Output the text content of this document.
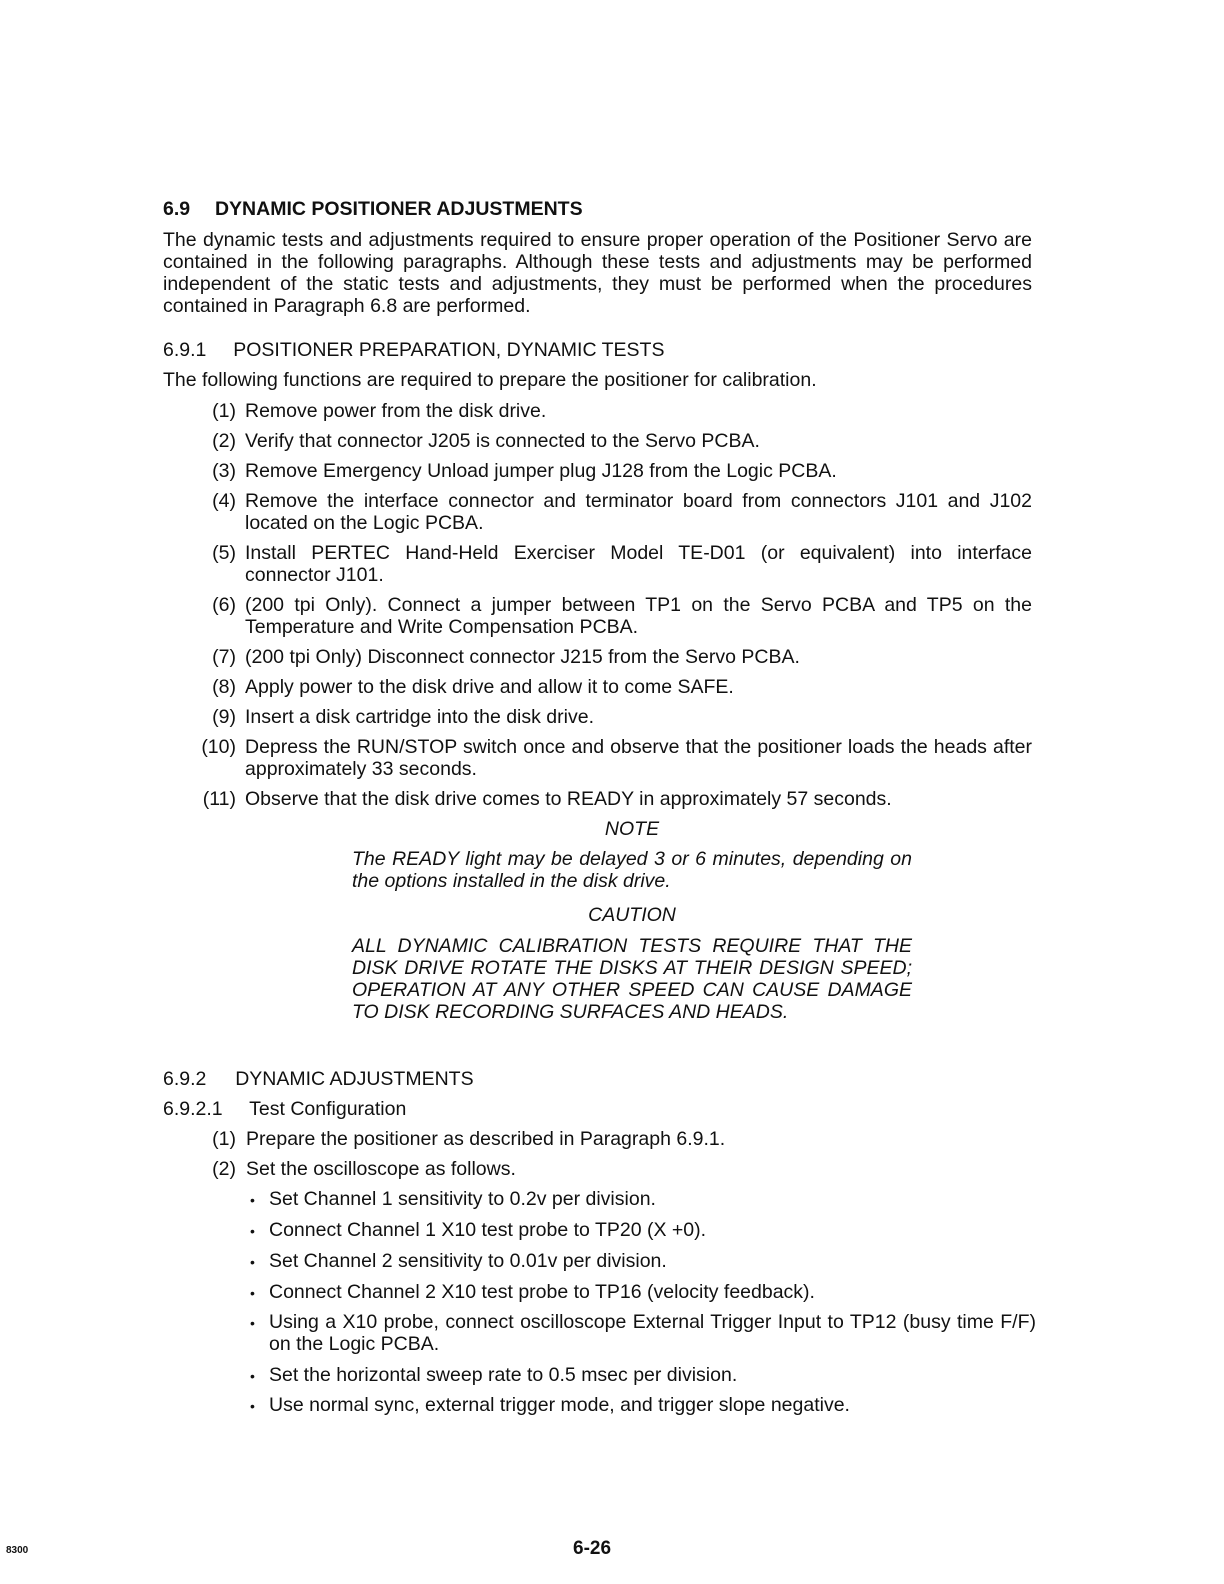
6.9 DYNAMIC POSITIONER ADJUSTMENTS
The dynamic tests and adjustments required to ensure proper operation of the Positioner Servo are contained in the following paragraphs. Although these tests and adjustments may be performed independent of the static tests and adjustments, they must be performed when the procedures contained in Paragraph 6.8 are performed.
6.9.1 POSITIONER PREPARATION, DYNAMIC TESTS
The following functions are required to prepare the positioner for calibration.
(1) Remove power from the disk drive.
(2) Verify that connector J205 is connected to the Servo PCBA.
(3) Remove Emergency Unload jumper plug J128 from the Logic PCBA.
(4) Remove the interface connector and terminator board from connectors J101 and J102 located on the Logic PCBA.
(5) Install PERTEC Hand-Held Exerciser Model TE-D01 (or equivalent) into interface connector J101.
(6) (200 tpi Only). Connect a jumper between TP1 on the Servo PCBA and TP5 on the Temperature and Write Compensation PCBA.
(7) (200 tpi Only) Disconnect connector J215 from the Servo PCBA.
(8) Apply power to the disk drive and allow it to come SAFE.
(9) Insert a disk cartridge into the disk drive.
(10) Depress the RUN/STOP switch once and observe that the positioner loads the heads after approximately 33 seconds.
(11) Observe that the disk drive comes to READY in approximately 57 seconds.
NOTE
The READY light may be delayed 3 or 6 minutes, depending on the options installed in the disk drive.
CAUTION
ALL DYNAMIC CALIBRATION TESTS REQUIRE THAT THE DISK DRIVE ROTATE THE DISKS AT THEIR DESIGN SPEED; OPERATION AT ANY OTHER SPEED CAN CAUSE DAMAGE TO DISK RECORDING SURFACES AND HEADS.
6.9.2 DYNAMIC ADJUSTMENTS
6.9.2.1 Test Configuration
(1) Prepare the positioner as described in Paragraph 6.9.1.
(2) Set the oscilloscope as follows.
• Set Channel 1 sensitivity to 0.2v per division.
• Connect Channel 1 X10 test probe to TP20 (X +0).
• Set Channel 2 sensitivity to 0.01v per division.
• Connect Channel 2 X10 test probe to TP16 (velocity feedback).
• Using a X10 probe, connect oscilloscope External Trigger Input to TP12 (busy time F/F) on the Logic PCBA.
• Set the horizontal sweep rate to 0.5 msec per division.
• Use normal sync, external trigger mode, and trigger slope negative.
8300	6-26
